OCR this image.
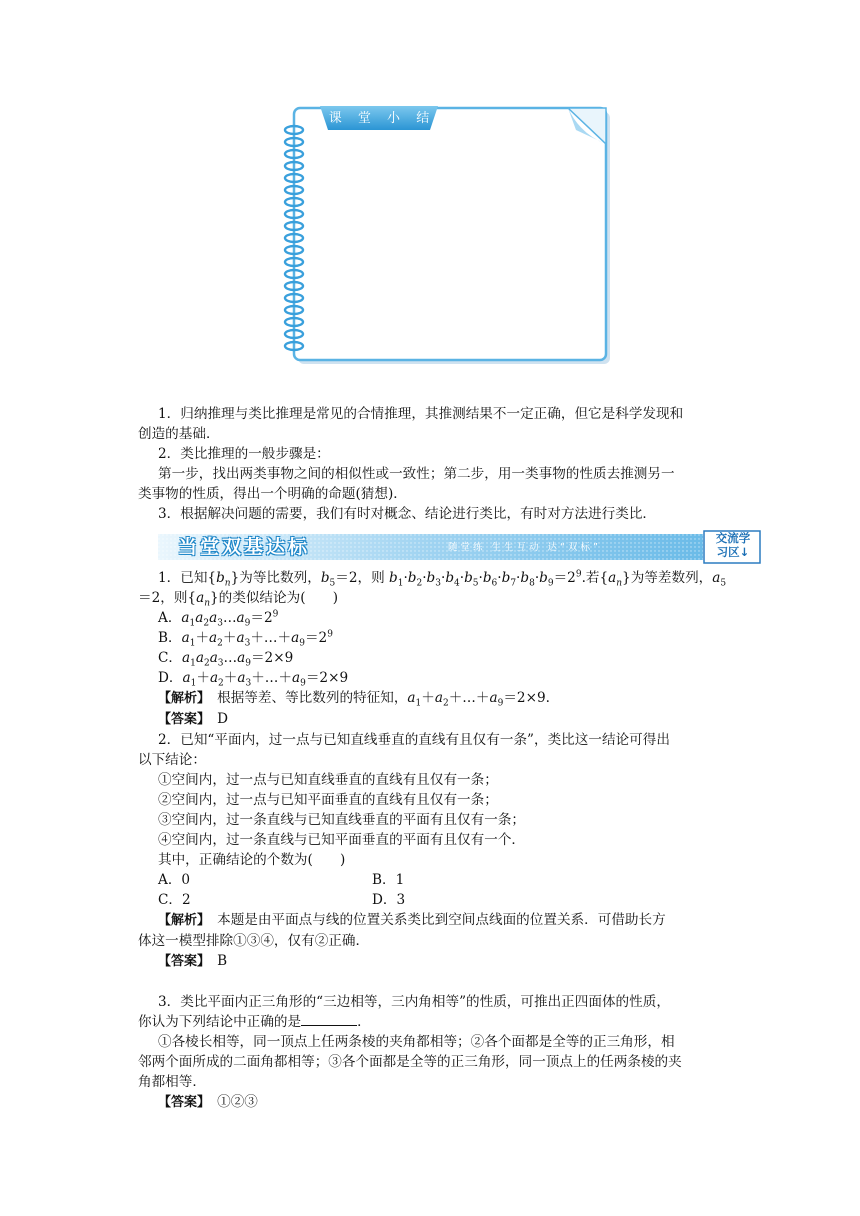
课 堂 小 结

1．归纳推理与类比推理是常见的合情推理，其推测结果不一定正确，但它是科学发现和

创造的基础．

2．类比推理的一般步骤是：

第一步，找出两类事物之间的相似性或一致性；第二步，用一类事物的性质去推测另一

类事物的性质，得出一个明确的命题(猜想)．

3．根据解决问题的需要，我们有时对概念、结论进行类比，有时对方法进行类比．

当堂双基达标	随堂练 生生互动 达“双标”
交流学
习区↓

1．已知$\{b_n\}$为等比数列，$b_5=2$，则 $b_1\cdot b_2\cdot b_3\cdot b_4\cdot b_5\cdot b_6\cdot b_7\cdot b_8\cdot b_9=2^9$.若$\{a_n\}$为等差数列，$a_5$

＝2，则$\{a_n\}$的类似结论为(　　)

A．$a_1a_2a_3\dots a_9=2^9$

B．$a_1+a_2+a_3+\dots+a_9=2^9$

C．$a_1a_2a_3\dots a_9=2\times 9$

D．$a_1+a_2+a_3+\dots+a_9=2\times 9$

【解析】　 根据等差、等比数列的特征知，$a_1+a_2+\dots+a_9=2\times 9$.

【答案】　 D

2．已知“平面内，过一点与已知直线垂直的直线有且仅有一条”，类比这一结论可得出

以下结论：

①空间内，过一点与已知直线垂直的直线有且仅有一条；

②空间内，过一点与已知平面垂直的直线有且仅有一条；

③空间内，过一条直线与已知直线垂直的平面有且仅有一条；

④空间内，过一条直线与已知平面垂直的平面有且仅有一个．

其中，正确结论的个数为(　　)

A．0	B．1

C．2	D．3

【解析】　 本题是由平面点与线的位置关系类比到空间点线面的位置关系．可借助长方

体这一模型排除①③④，仅有②正确．

【答案】　 B

3．类比平面内正三角形的“三边相等，三内角相等”的性质，可推出正四面体的性质，

你认为下列结论中正确的是	．

①各棱长相等，同一顶点上任两条棱的夹角都相等；②各个面都是全等的正三角形，相

邻两个面所成的二面角都相等；③各个面都是全等的正三角形，同一顶点上的任两条棱的夹

角都相等．

【答案】　 ①②③
